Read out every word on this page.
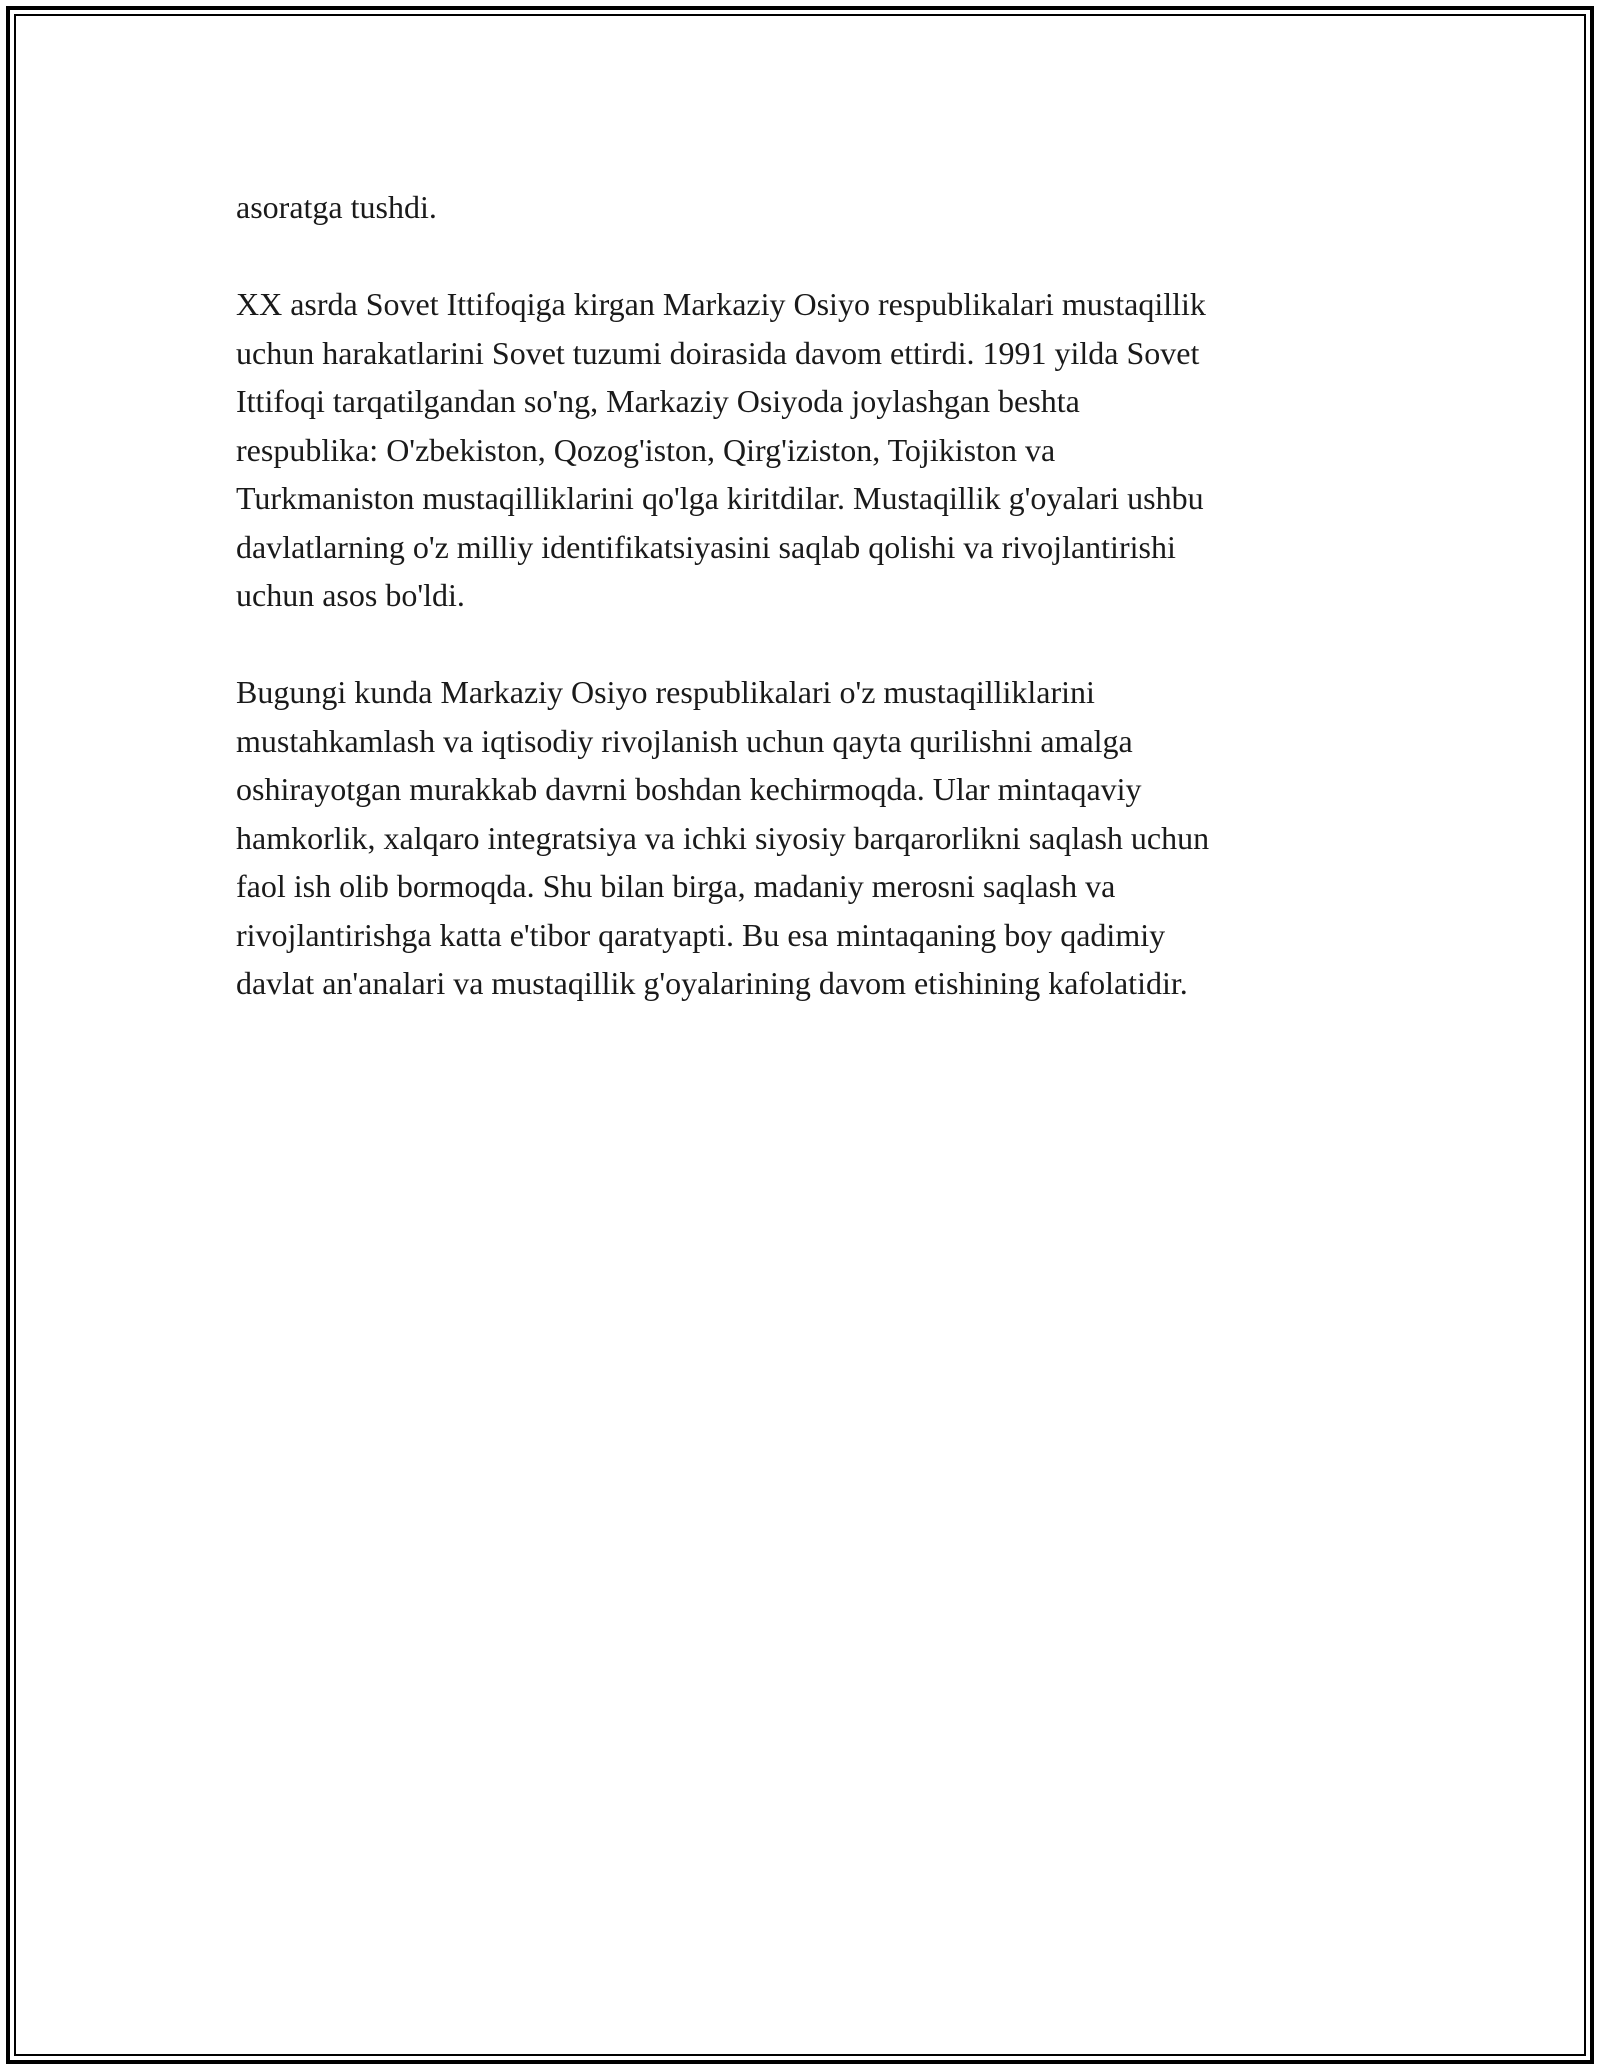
asoratga tushdi.

XX asrda Sovet Ittifoqiga kirgan Markaziy Osiyo respublikalari mustaqillik
uchun harakatlarini Sovet tuzumi doirasida davom ettirdi. 1991 yilda Sovet
Ittifoqi tarqatilgandan so'ng, Markaziy Osiyoda joylashgan beshta
respublika: O'zbekiston, Qozog'iston, Qirg'iziston, Tojikiston va
Turkmaniston mustaqilliklarini qo'lga kiritdilar. Mustaqillik g'oyalari ushbu
davlatlarning o'z milliy identifikatsiyasini saqlab qolishi va rivojlantirishi
uchun asos bo'ldi.

Bugungi kunda Markaziy Osiyo respublikalari o'z mustaqilliklarini
mustahkamlash va iqtisodiy rivojlanish uchun qayta qurilishni amalga
oshirayotgan murakkab davrni boshdan kechirmoqda. Ular mintaqaviy
hamkorlik, xalqaro integratsiya va ichki siyosiy barqarorlikni saqlash uchun
faol ish olib bormoqda. Shu bilan birga, madaniy merosni saqlash va
rivojlantirishga katta e'tibor qaratyapti. Bu esa mintaqaning boy qadimiy
davlat an'analari va mustaqillik g'oyalarining davom etishining kafolatidir.
